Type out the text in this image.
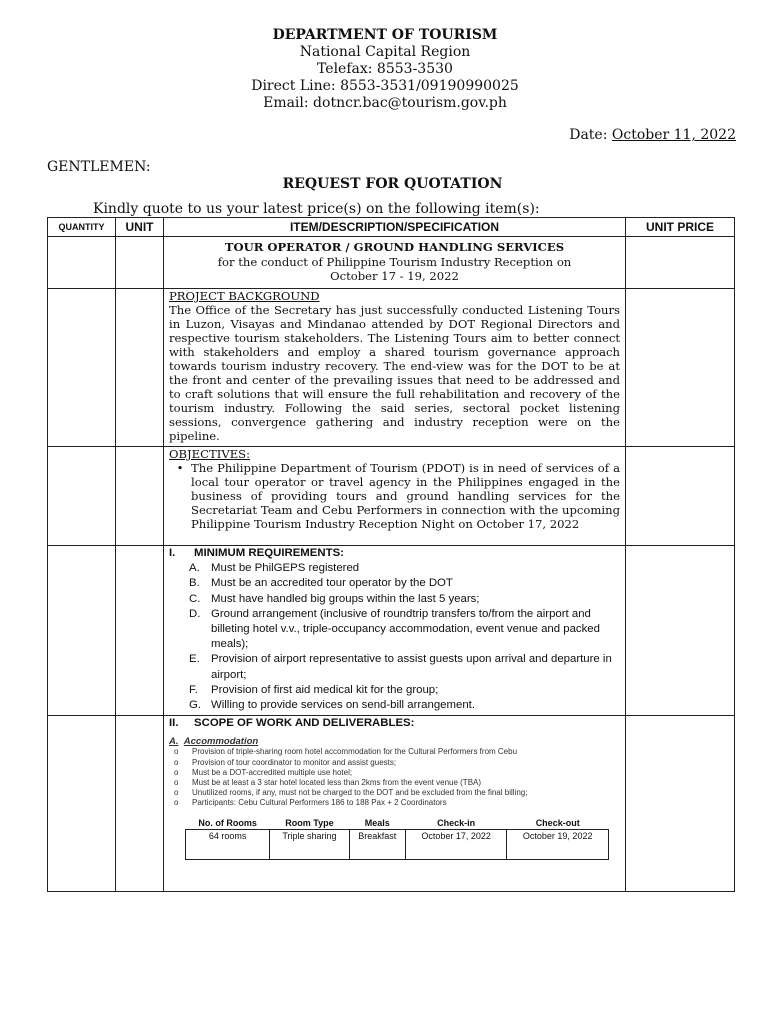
DEPARTMENT OF TOURISM
National Capital Region
Telefax: 8553-3530
Direct Line: 8553-3531/09190990025
Email: dotncr.bac@tourism.gov.ph
Date: October 11, 2022
GENTLEMEN:
REQUEST FOR QUOTATION
Kindly quote to us your latest price(s) on the following item(s):
QUANTITY	UNIT	ITEM/DESCRIPTION/SPECIFICATION	UNIT PRICE

TOUR OPERATOR / GROUND HANDLING SERVICES
for the conduct of Philippine Tourism Industry Reception on
October 17 - 19, 2022

PROJECT BACKGROUND
The Office of the Secretary has just successfully conducted Listening Tours in Luzon, Visayas and Mindanao attended by DOT Regional Directors and respective tourism stakeholders. The Listening Tours aim to better connect with stakeholders and employ a shared tourism governance approach towards tourism industry recovery. The end-view was for the DOT to be at the front and center of the prevailing issues that need to be addressed and to craft solutions that will ensure the full rehabilitation and recovery of the tourism industry. Following the said series, sectoral pocket listening sessions, convergence gathering and industry reception were on the pipeline.

OBJECTIVES:
• The Philippine Department of Tourism (PDOT) is in need of services of a local tour operator or travel agency in the Philippines engaged in the business of providing tours and ground handling services for the Secretariat Team and Cebu Performers in connection with the upcoming Philippine Tourism Industry Reception Night on October 17, 2022

I.	MINIMUM REQUIREMENTS:
A. Must be PhilGEPS registered
B. Must be an accredited tour operator by the DOT
C. Must have handled big groups within the last 5 years;
D. Ground arrangement (inclusive of roundtrip transfers to/from the airport and billeting hotel v.v., triple-occupancy accommodation, event venue and packed meals);
E. Provision of airport representative to assist guests upon arrival and departure in airport;
F.	Provision of first aid medical kit for the group;
G. Willing to provide services on send-bill arrangement.

II.	SCOPE OF WORK AND DELIVERABLES:
A. Accommodation
o	Provision of triple-sharing room hotel accommodation for the Cultural Performers from Cebu
o	Provision of tour coordinator to monitor and assist guests;
o	Must be a DOT-accredited multiple use hotel;
o	Must be at least a 3 star hotel located less than 2kms from the event venue (TBA)
o	Unutilized rooms, if any, must not be charged to the DOT and be excluded from the final billing;
o	Participants: Cebu Cultural Performers 186 to 188 Pax + 2 Coordinators
No. of Rooms	Room Type	Meals	Check-in	Check-out
64 rooms	Triple sharing	Breakfast	October 17, 2022	October 19, 2022
